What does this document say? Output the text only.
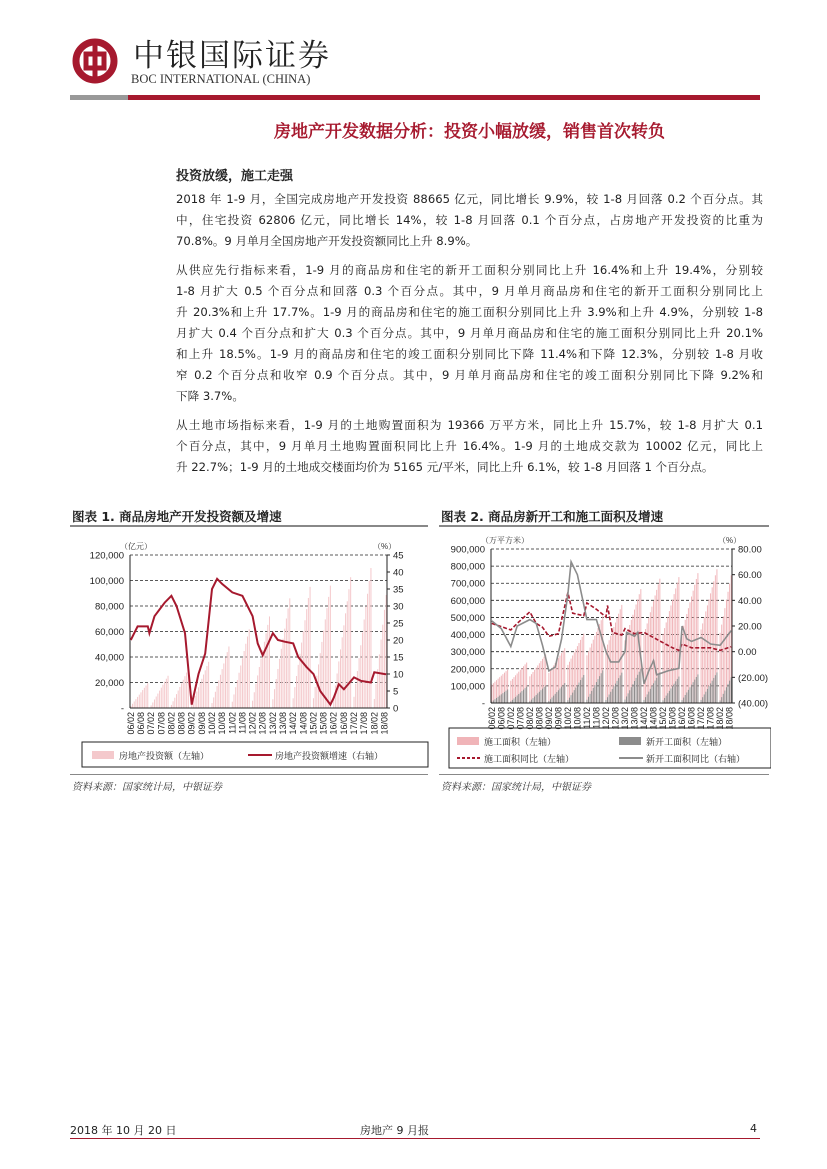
中银国际证券
BOC INTERNATIONAL (CHINA)
房地产开发数据分析：投资小幅放缓，销售首次转负
投资放缓，施工走强
2018 年 1-9 月，全国完成房地产开发投资 88665 亿元，同比增长 9.9%，较 1-8 月回落 0.2 个百分点。其
中，住宅投资 62806 亿元，同比增长 14%，较 1-8 月回落 0.1 个百分点，占房地产开发投资的比重为
70.8%。9 月单月全国房地产开发投资额同比上升 8.9%。
从供应先行指标来看，1-9 月的商品房和住宅的新开工面积分别同比上升 16.4%和上升 19.4%，分别较
1-8 月扩大 0.5 个百分点和回落 0.3 个百分点。其中，9 月单月商品房和住宅的新开工面积分别同比上
升 20.3%和上升 17.7%。1-9 月的商品房和住宅的施工面积分别同比上升 3.9%和上升 4.9%，分别较 1-8
月扩大 0.4 个百分点和扩大 0.3 个百分点。其中，9 月单月商品房和住宅的施工面积分别同比上升 20.1%
和上升 18.5%。1-9 月的商品房和住宅的竣工面积分别同比下降 11.4%和下降 12.3%，分别较 1-8 月收
窄 0.2 个百分点和收窄 0.9 个百分点。其中，9 月单月商品房和住宅的竣工面积分别同比下降 9.2%和
下降 3.7%。
从土地市场指标来看，1-9 月的土地购置面积为 19366 万平方米，同比上升 15.7%，较 1-8 月扩大 0.1
个百分点，其中，9 月单月土地购置面积同比上升 16.4%。1-9 月的土地成交款为 10002 亿元，同比上
升 22.7%；1-9 月的土地成交楼面均价为 5165 元/平米，同比上升 6.1%，较 1-8 月回落 1 个百分点。
图表 1. 商品房地产开发投资额及增速
120,000
100,000
80,000
60,000
40,000
20,000
-
45
40
35
30
25
20
15
10
5
0
（亿元）	（%）
06/02 06/08 07/02 07/08 08/02 08/08 09/02 09/08 10/02 10/08 11/02 11/08 12/02 12/08 13/02 13/08 14/02 14/08 15/02 15/08 16/02 16/08 17/02 17/08 18/02 18/08
房地产投资额（左轴）	房地产投资额增速（右轴）
资料来源：国家统计局，中银证券
图表 2. 商品房新开工和施工面积及增速
900,000
800,000
700,000
600,000
500,000
400,000
300,000
200,000
100,000
-
80.00
60.00
40.00
20.00
0.00
(20.00)
(40.00)
（万平方米）	（%）
06/02 06/08 07/02 07/08 08/02 08/08 09/02 09/08 10/02 10/08 11/02 11/08 12/02 12/08 13/02 13/08 14/02 14/08 15/02 15/08 16/02 16/08 17/02 17/08 18/02 18/08
施工面积（左轴）	新开工面积（左轴）
施工面积同比（左轴）	新开工面积同比（右轴）
资料来源：国家统计局，中银证券
2018 年 10 月 20 日	房地产 9 月报	4
